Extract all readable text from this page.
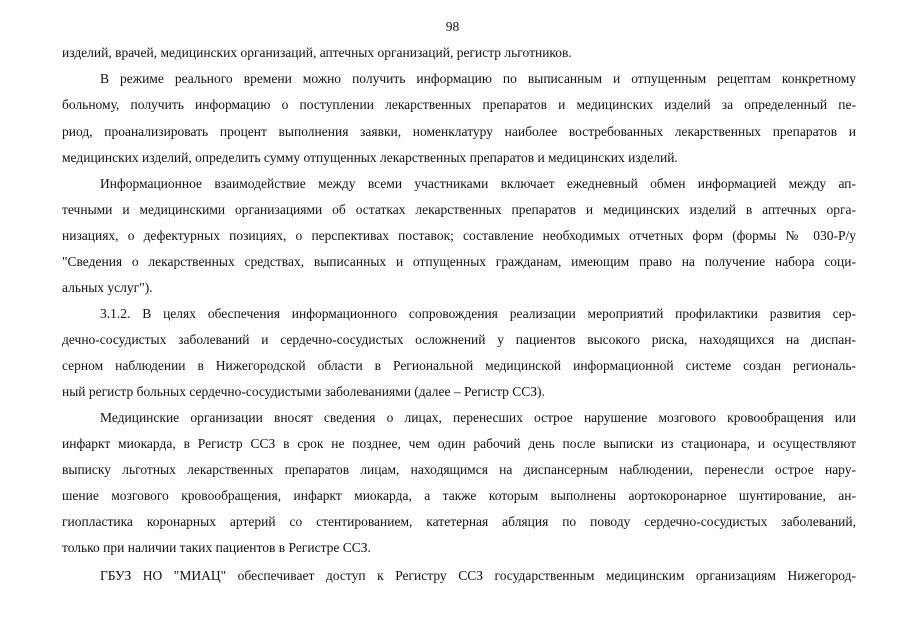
98
изделий, врачей, медицинских организаций, аптечных организаций, регистр льготников.
В режиме реального времени можно получить информацию по выписанным и отпущенным рецептам конкретному
больному, получить информацию о поступлении лекарственных препаратов и медицинских изделий за определенный пе-
риод, проанализировать процент выполнения заявки, номенклатуру наиболее востребованных лекарственных препаратов и
медицинских изделий, определить сумму отпущенных лекарственных препаратов и медицинских изделий.
Информационное взаимодействие между всеми участниками включает ежедневный обмен информацией между ап-
течными и медицинскими организациями об остатках лекарственных препаратов и медицинских изделий в аптечных орга-
низациях, о дефектурных позициях, о перспективах поставок; составление необходимых отчетных форм (формы № 030-Р/у
"Сведения о лекарственных средствах, выписанных и отпущенных гражданам, имеющим право на получение набора соци-
альных услуг").
3.1.2. В целях обеспечения информационного сопровождения реализации мероприятий профилактики развития сер-
дечно-сосудистых заболеваний и сердечно-сосудистых осложнений у пациентов высокого риска, находящихся на диспан-
серном наблюдении в Нижегородской области в Региональной медицинской информационной системе создан региональ-
ный регистр больных сердечно-сосудистыми заболеваниями (далее – Регистр ССЗ).
Медицинские организации вносят сведения о лицах, перенесших острое нарушение мозгового кровообращения или
инфаркт миокарда, в Регистр ССЗ в срок не позднее, чем один рабочий день после выписки из стационара, и осуществляют
выписку льготных лекарственных препаратов лицам, находящимся на диспансерным наблюдении, перенесли острое нару-
шение мозгового кровообращения, инфаркт миокарда, а также которым выполнены аортокоронарное шунтирование, ан-
гиопластика коронарных артерий со стентированием, катетерная абляция по поводу сердечно-сосудистых заболеваний,
только при наличии таких пациентов в Регистре ССЗ.
ГБУЗ НО "МИАЦ" обеспечивает доступ к Регистру ССЗ государственным медицинским организациям Нижегород-
